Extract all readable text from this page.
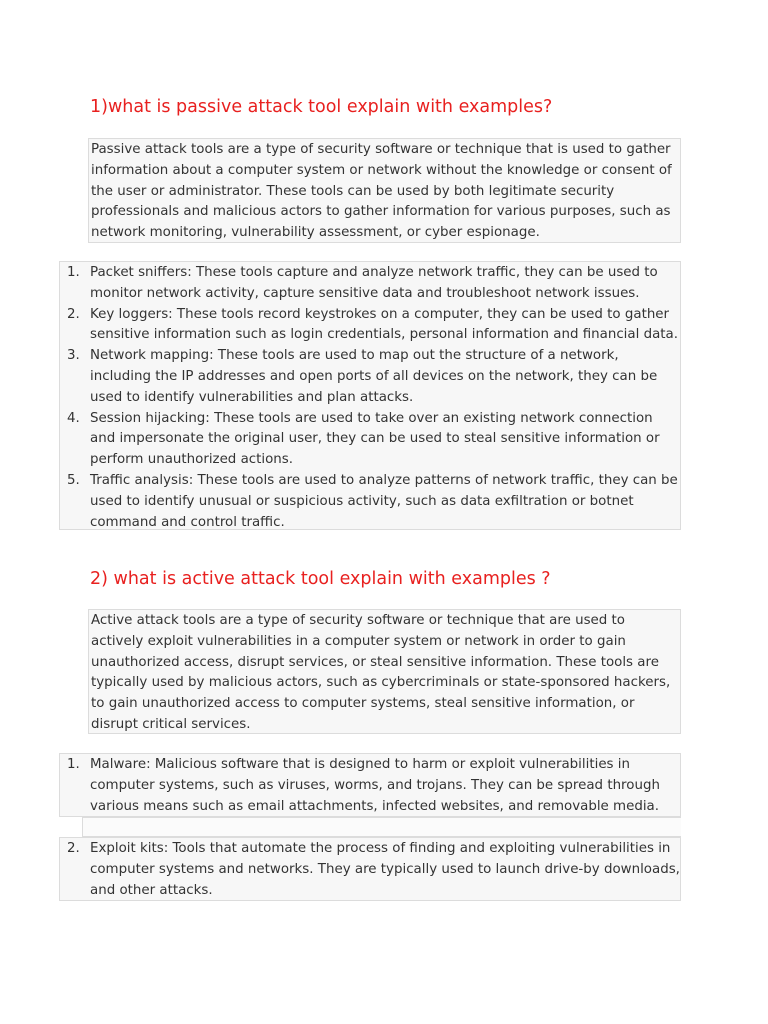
1)what is passive attack tool explain with examples?

Passive attack tools are a type of security software or technique that is used to gather information about a computer system or network without the knowledge or consent of the user or administrator. These tools can be used by both legitimate security professionals and malicious actors to gather information for various purposes, such as network monitoring, vulnerability assessment, or cyber espionage.

1. Packet sniffers: These tools capture and analyze network traffic, they can be used to monitor network activity, capture sensitive data and troubleshoot network issues.
2. Key loggers: These tools record keystrokes on a computer, they can be used to gather sensitive information such as login credentials, personal information and financial data.
3. Network mapping: These tools are used to map out the structure of a network, including the IP addresses and open ports of all devices on the network, they can be used to identify vulnerabilities and plan attacks.
4. Session hijacking: These tools are used to take over an existing network connection and impersonate the original user, they can be used to steal sensitive information or perform unauthorized actions.
5. Traffic analysis: These tools are used to analyze patterns of network traffic, they can be used to identify unusual or suspicious activity, such as data exfiltration or botnet command and control traffic.
2) what is active attack tool explain with examples ?

Active attack tools are a type of security software or technique that are used to actively exploit vulnerabilities in a computer system or network in order to gain unauthorized access, disrupt services, or steal sensitive information. These tools are typically used by malicious actors, such as cybercriminals or state-sponsored hackers, to gain unauthorized access to computer systems, steal sensitive information, or disrupt critical services.

1. Malware: Malicious software that is designed to harm or exploit vulnerabilities in computer systems, such as viruses, worms, and trojans. They can be spread through various means such as email attachments, infected websites, and removable media.
2. Exploit kits: Tools that automate the process of finding and exploiting vulnerabilities in computer systems and networks. They are typically used to launch drive-by downloads, and other attacks.
